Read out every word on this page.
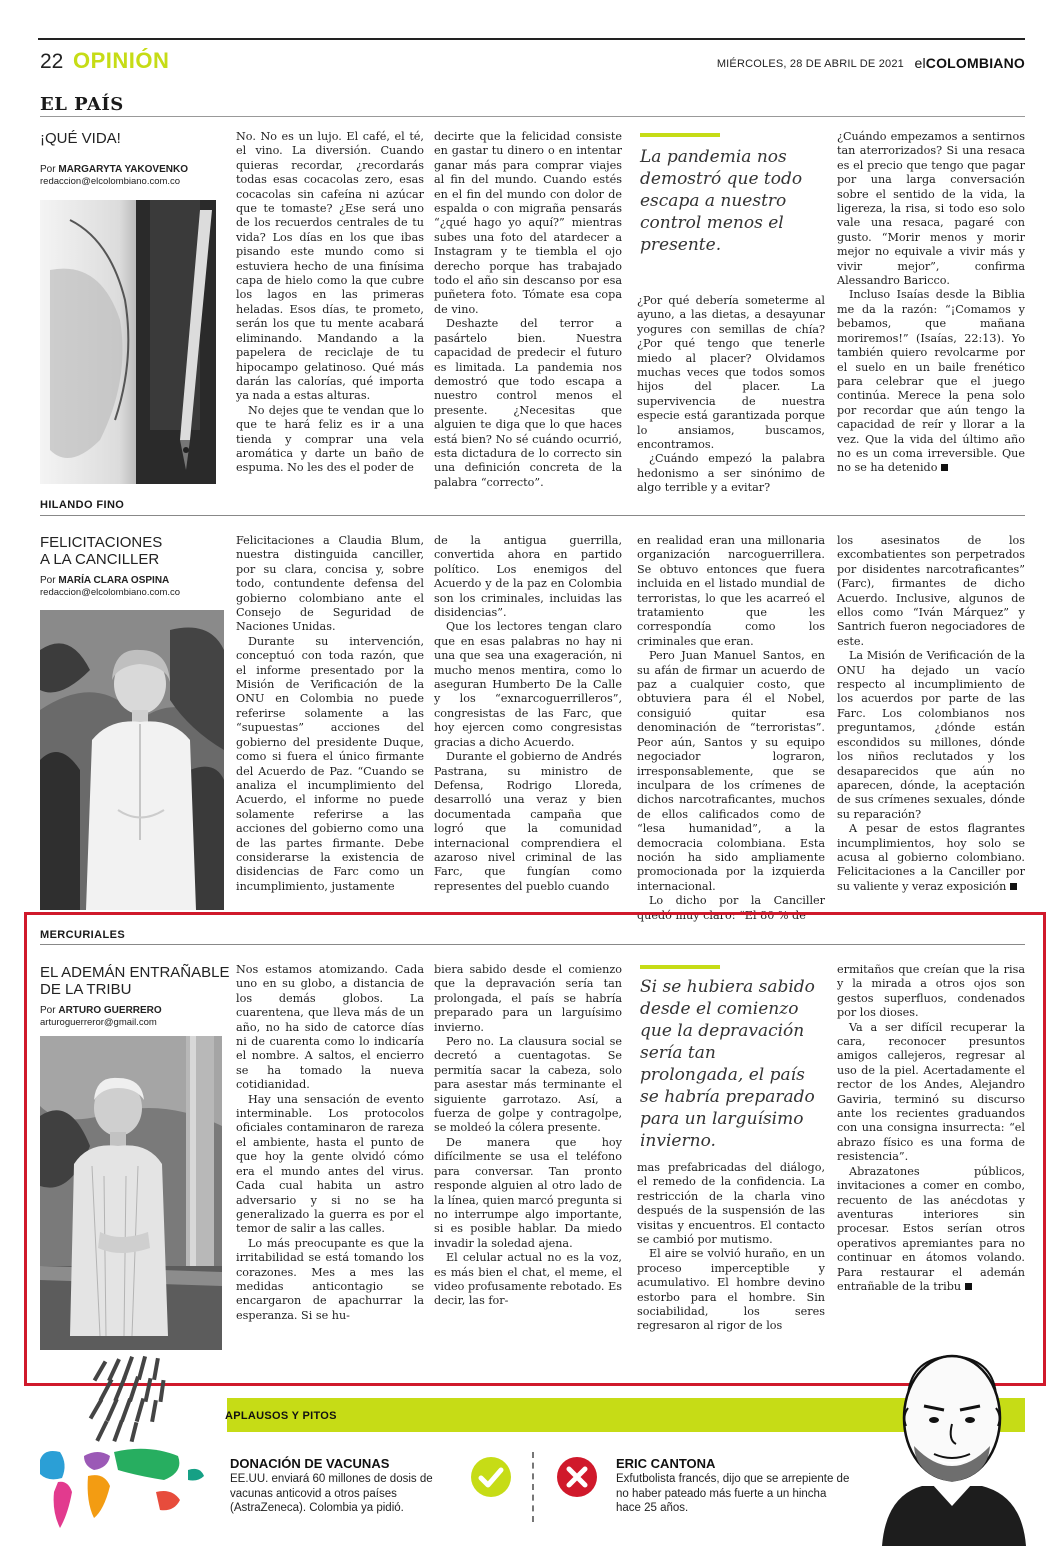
22 OPINIÓN	MIÉRCOLES, 28 DE ABRIL DE 2021 elCOLOMBIANO
EL PAÍS
¡QUÉ VIDA!
Por MARGARYTA YAKOVENKO
redaccion@elcolombiano.com.co

No. No es un lujo. El café, el té, el vino. La diversión. Cuando quieras recordar, ¿recordarás todas esas cocacolas zero, esas cocacolas sin cafeína ni azúcar que te tomaste? ¿Ese será uno de los recuerdos centrales de tu vida? Los días en los que ibas pisando este mundo como si estuviera hecho de una finísima capa de hielo como la que cubre los lagos en las primeras heladas. Esos días, te prometo, serán los que tu mente acabará eliminando. Mandando a la papelera de reciclaje de tu hipocampo gelatinoso. Qué más darán las calorías, qué importa ya nada a estas alturas.

No dejes que te vendan que lo que te hará feliz es ir a una tienda y comprar una vela aromática y darte un baño de espuma. No les des el poder de

decirte que la felicidad consiste en gastar tu dinero o en intentar ganar más para comprar viajes al fin del mundo. Cuando estés en el fin del mundo con dolor de espalda o con migraña pensarás “¿qué hago yo aquí?” mientras subes una foto del atardecer a Instagram y te tiembla el ojo derecho porque has trabajado todo el año sin descanso por esa puñetera foto. Tómate esa copa de vino.

Deshazte del terror a pasártelo bien. Nuestra capacidad de predecir el futuro es limitada. La pandemia nos demostró que todo escapa a nuestro control menos el presente. ¿Necesitas que alguien te diga que lo que haces está bien? No sé cuándo ocurrió, esta dictadura de lo correcto sin una definición concreta de la palabra “correcto”.

La pandemia nos demostró que todo escapa a nuestro control menos el presente.

¿Por qué debería someterme al ayuno, a las dietas, a desayunar yogures con semillas de chía? ¿Por qué tengo que tenerle miedo al placer? Olvidamos muchas veces que todos somos hijos del placer. La supervivencia de nuestra especie está garantizada porque lo ansiamos, buscamos, encontramos.

¿Cuándo empezó la palabra hedonismo a ser sinónimo de algo terrible y a evitar?

¿Cuándo empezamos a sentirnos tan aterrorizados? Si una resaca es el precio que tengo que pagar por una larga conversación sobre el sentido de la vida, la ligereza, la risa, si todo eso solo vale una resaca, pagaré con gusto. “Morir menos y morir mejor no equivale a vivir más y vivir mejor”, confirma Alessandro Baricco.

Incluso Isaías desde la Biblia me da la razón: “¡Comamos y bebamos, que mañana moriremos!” (Isaías, 22:13). Yo también quiero revolcarme por el suelo en un baile frenético para celebrar que el juego continúa. Merece la pena solo por recordar que aún tengo la capacidad de reír y llorar a la vez. Que la vida del último año no es un coma irreversible. Que no se ha detenido

HILANDO FINO
FELICITACIONES
A LA CANCILLER
Por MARÍA CLARA OSPINA
redaccion@elcolombiano.com.co

Felicitaciones a Claudia Blum, nuestra distinguida canciller, por su clara, concisa y, sobre todo, contundente defensa del gobierno colombiano ante el Consejo de Seguridad de Naciones Unidas.

Durante su intervención, conceptuó con toda razón, que el informe presentado por la Misión de Verificación de la ONU en Colombia no puede referirse solamente a las “supuestas” acciones del gobierno del presidente Duque, como si fuera el único firmante del Acuerdo de Paz. “Cuando se analiza el incumplimiento del Acuerdo, el informe no puede solamente referirse a las acciones del gobierno como una de las partes firmante. Debe considerarse la existencia de disidencias de Farc como un incumplimiento, justamente

de la antigua guerrilla, convertida ahora en partido político. Los enemigos del Acuerdo y de la paz en Colombia son los criminales, incluidas las disidencias”.

Que los lectores tengan claro que en esas palabras no hay ni una que sea una exageración, ni mucho menos mentira, como lo aseguran Humberto De la Calle y los “exnarcoguerrilleros”, congresistas de las Farc, que hoy ejercen como congresistas gracias a dicho Acuerdo.

Durante el gobierno de Andrés Pastrana, su ministro de Defensa, Rodrigo Lloreda, desarrolló una veraz y bien documentada campaña que logró que la comunidad internacional comprendiera el azaroso nivel criminal de las Farc, que fungían como representes del pueblo cuando

en realidad eran una millonaria organización narcoguerrillera. Se obtuvo entonces que fuera incluida en el listado mundial de terroristas, lo que les acarreó el tratamiento que les correspondía como los criminales que eran.

Pero Juan Manuel Santos, en su afán de firmar un acuerdo de paz a cualquier costo, que obtuviera para él el Nobel, consiguió quitar esa denominación de “terroristas”. Peor aún, Santos y su equipo negociador lograron, irresponsablemente, que se inculpara de los crímenes de dichos narcotraficantes, muchos de ellos calificados como de “lesa humanidad”, a la democracia colombiana. Esta noción ha sido ampliamente promocionada por la izquierda internacional.

Lo dicho por la Canciller quedó muy claro: “El 80 % de

los asesinatos de los excombatientes son perpetrados por disidentes narcotraficantes” (Farc), firmantes de dicho Acuerdo. Inclusive, algunos de ellos como “Iván Márquez” y Santrich fueron negociadores de este.

La Misión de Verificación de la ONU ha dejado un vacío respecto al incumplimiento de los acuerdos por parte de las Farc. Los colombianos nos preguntamos, ¿dónde están escondidos su millones, dónde los niños reclutados y los desaparecidos que aún no aparecen, dónde, la aceptación de sus crímenes sexuales, dónde su reparación?

A pesar de estos flagrantes incumplimientos, hoy solo se acusa al gobierno colombiano. Felicitaciones a la Canciller por su valiente y veraz exposición

MERCURIALES
EL ADEMÁN ENTRAÑABLE
DE LA TRIBU
Por ARTURO GUERRERO
arturoguerreror@gmail.com

Nos estamos atomizando. Cada uno en su globo, a distancia de los demás globos. La cuarentena, que lleva más de un año, no ha sido de catorce días ni de cuarenta como lo indicaría el nombre. A saltos, el encierro se ha tomado la nueva cotidianidad.

Hay una sensación de evento interminable. Los protocolos oficiales contaminaron de rareza el ambiente, hasta el punto de que hoy la gente olvidó cómo era el mundo antes del virus. Cada cual habita un astro adversario y si no se ha generalizado la guerra es por el temor de salir a las calles.

Lo más preocupante es que la irritabilidad se está tomando los corazones. Mes a mes las medidas anticontagio se encargaron de apachurrar la esperanza. Si se hu-

biera sabido desde el comienzo que la depravación sería tan prolongada, el país se habría preparado para un larguísimo invierno.

Pero no. La clausura social se decretó a cuentagotas. Se permitía sacar la cabeza, solo para asestar más terminante el siguiente garrotazo. Así, a fuerza de golpe y contragolpe, se moldeó la cólera presente.

De manera que hoy difícilmente se usa el teléfono para conversar. Tan pronto responde alguien al otro lado de la línea, quien marcó pregunta si no interrumpe algo importante, si es posible hablar. Da miedo invadir la soledad ajena.

El celular actual no es la voz, es más bien el chat, el meme, el video profusamente rebotado. Es decir, las for-

Si se hubiera sabido desde el comienzo que la depravación sería tan prolongada, el país se habría preparado para un larguísimo invierno.

mas prefabricadas del diálogo, el remedo de la confidencia. La restricción de la charla vino después de la suspensión de las visitas y encuentros. El contacto se cambió por mutismo.

El aire se volvió huraño, en un proceso imperceptible y acumulativo. El hombre devino estorbo para el hombre. Sin sociabilidad, los seres regresaron al rigor de los

ermitaños que creían que la risa y la mirada a otros ojos son gestos superfluos, condenados por los dioses.

Va a ser difícil recuperar la cara, reconocer presuntos amigos callejeros, regresar al uso de la piel. Acertadamente el rector de los Andes, Alejandro Gaviria, terminó su discurso ante los recientes graduandos con una consigna insurrecta: “el abrazo físico es una forma de resistencia”.

Abrazatones públicos, invitaciones a comer en combo, recuento de las anécdotas y aventuras interiores sin procesar. Estos serían otros operativos apremiantes para no continuar en átomos volando. Para restaurar el ademán entrañable de la tribu

APLAUSOS Y PITOS
DONACIÓN DE VACUNAS
EE.UU. enviará 60 millones de dosis de vacunas anticovid a otros países (AstraZeneca). Colombia ya pidió.
ERIC CANTONA
Exfutbolista francés, dijo que se arrepiente de no haber pateado más fuerte a un hincha hace 25 años.
